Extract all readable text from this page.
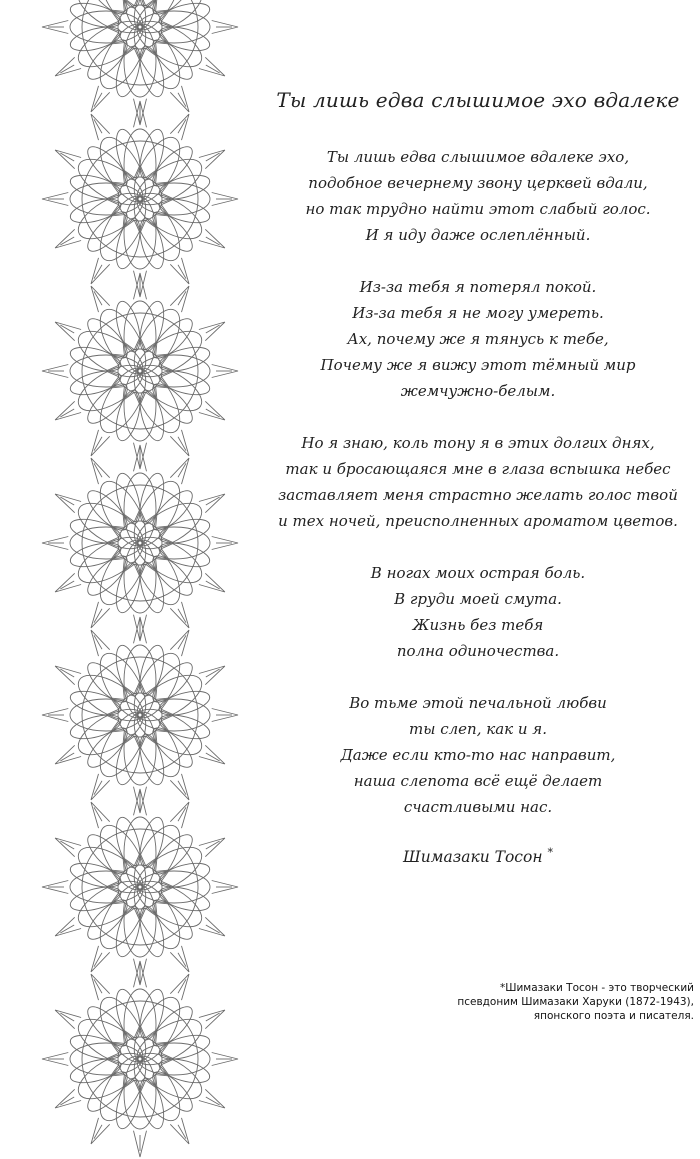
Ты лишь едва слышимое эхо вдалеке
Ты лишь едва слышимое вдалеке эхо,
подобное вечернему звону церквей вдали,
но так трудно найти этот слабый голос.
И я иду даже ослеплённый.
Из-за тебя я потерял покой.
Из-за тебя я не могу умереть.
Ах, почему же я тянусь к тебе,
Почему же я вижу этот тёмный мир
жемчужно-белым.
Но я знаю, коль тону я в этих долгих днях,
так и бросающаяся мне в глаза вспышка небес
заставляет меня страстно желать голос твой
и тех ночей, преисполненных ароматом цветов.
В ногах моих острая боль.
В груди моей смута.
Жизнь без тебя
полна одиночества.
Во тьме этой печальной любви
ты слеп, как и я.
Даже если кто-то нас направит,
наша слепота всё ещё делает
счастливыми нас.
Шимазаки Тосон *
*Шимазаки Тосон - это творческий
псевдоним Шимазаки Харуки (1872-1943),
японского поэта и писателя.
